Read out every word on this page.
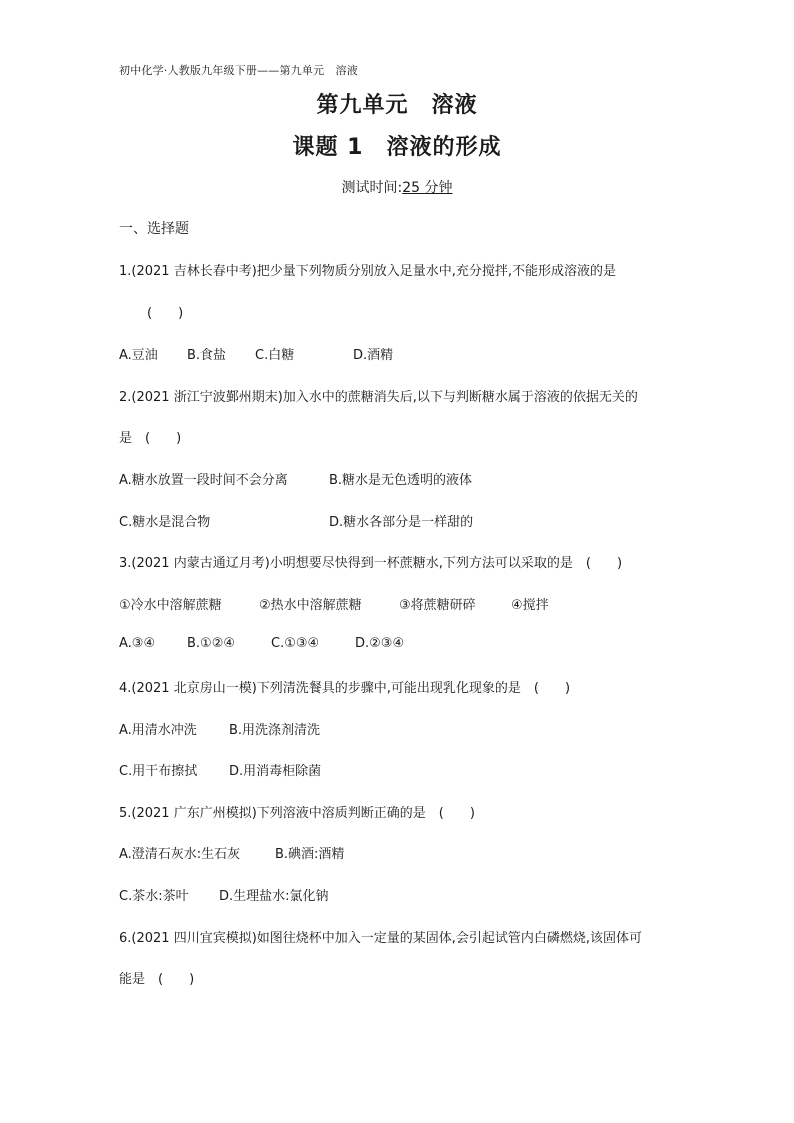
初中化学·人教版九年级下册——第九单元　溶液
第九单元　溶液
课题 1　溶液的形成
测试时间:25 分钟
一、选择题
1.(2021 吉林长春中考)把少量下列物质分别放入足量水中,充分搅拌,不能形成溶液的是
(　　)
A.豆油 B.食盐 C.白糖	D.酒精
2.(2021 浙江宁波鄞州期末)加入水中的蔗糖消失后,以下与判断糖水属于溶液的依据无关的
是　(　　)
A.糖水放置一段时间不会分离	B.糖水是无色透明的液体
C.糖水是混合物	D.糖水各部分是一样甜的
3.(2021 内蒙古通辽月考)小明想要尽快得到一杯蔗糖水,下列方法可以采取的是　(　　)
①冷水中溶解蔗糖	②热水中溶解蔗糖	③将蔗糖研碎	④搅拌
A.③④ B.①②④	C.①③④	D.②③④
4.(2021 北京房山一模)下列清洗餐具的步骤中,可能出现乳化现象的是　(　　)
A.用清水冲洗 B.用洗涤剂清洗
C.用干布擦拭 D.用消毒柜除菌
5.(2021 广东广州模拟)下列溶液中溶质判断正确的是　(　　)
A.澄清石灰水:生石灰	B.碘酒:酒精
C.茶水:茶叶 D.生理盐水:氯化钠
6.(2021 四川宜宾模拟)如图往烧杯中加入一定量的某固体,会引起试管内白磷燃烧,该固体可
能是　(　　)
